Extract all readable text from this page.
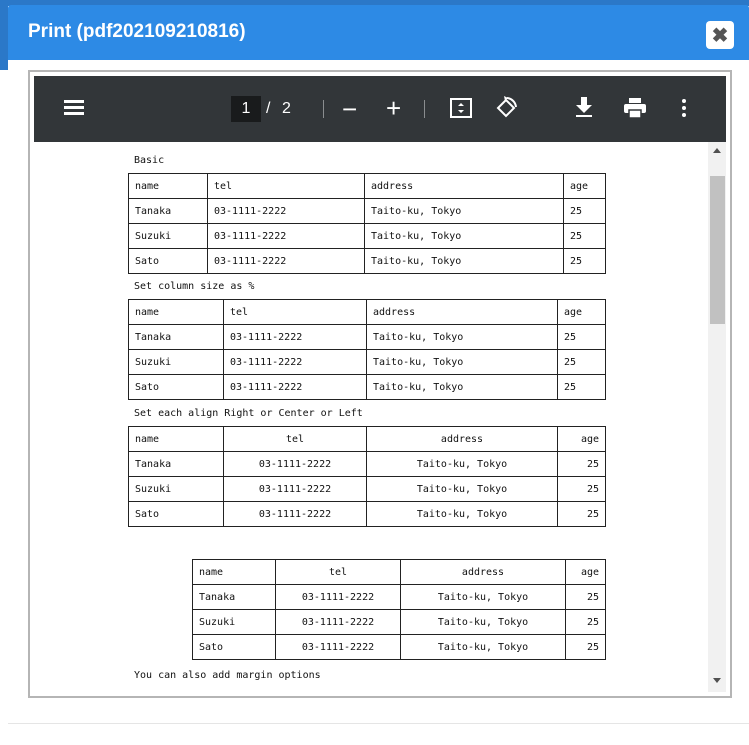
Print (pdf202109210816)	✖
1 / 2 − +
Basic
name	tel	address	age
Tanaka	03-1111-2222	Taito-ku, Tokyo	25
Suzuki	03-1111-2222	Taito-ku, Tokyo	25
Sato	03-1111-2222	Taito-ku, Tokyo	25
Set column size as %
name	tel	address	age
Tanaka	03-1111-2222	Taito-ku, Tokyo	25
Suzuki	03-1111-2222	Taito-ku, Tokyo	25
Sato	03-1111-2222	Taito-ku, Tokyo	25
Set each align Right or Center or Left
name	tel	address	age
Tanaka	03-1111-2222	Taito-ku, Tokyo	25
Suzuki	03-1111-2222	Taito-ku, Tokyo	25
Sato	03-1111-2222	Taito-ku, Tokyo	25
name	tel	address	age
Tanaka	03-1111-2222	Taito-ku, Tokyo	25
Suzuki	03-1111-2222	Taito-ku, Tokyo	25
Sato	03-1111-2222	Taito-ku, Tokyo	25
You can also add margin options
